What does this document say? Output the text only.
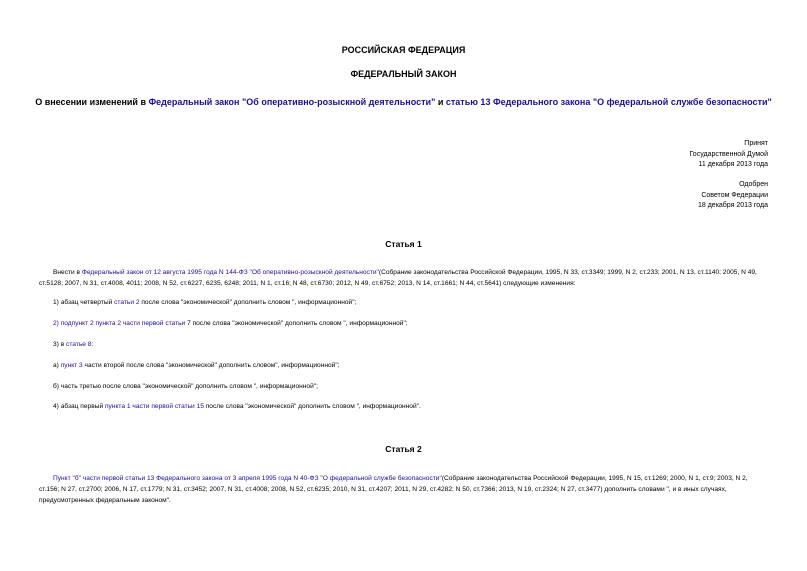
РОССИЙСКАЯ ФЕДЕРАЦИЯ
ФЕДЕРАЛЬНЫЙ ЗАКОН
О внесении изменений в Федеральный закон "Об оперативно-розыскной деятельности" и статью 13 Федерального закона "О федеральной службе безопасности"
Принят
Государственной Думой
11 декабря 2013 года
Одобрен
Советом Федерации
18 декабря 2013 года
Статья 1
Внести в Федеральный закон от 12 августа 1995 года N 144-ФЗ "Об оперативно-розыскной деятельности"(Собрание законодательства Российской Федерации, 1995, N 33, ст.3349; 1999, N 2, ст.233; 2001, N 13, ст.1140; 2005, N 49, ст.5128; 2007, N 31, ст.4008, 4011; 2008, N 52, ст.6227, 6235, 6248; 2011, N 1, ст.16; N 48, ст.6730; 2012, N 49, ст.6752; 2013, N 14, ст.1661; N 44, ст.5641) следующие изменения:
1) абзац четвертый статьи 2 после слова "экономической" дополнить словом ", информационной";
2) подпункт 2 пункта 2 части первой статьи 7 после слова "экономической" дополнить словом ", информационной";
3) в статье 8:
а) пункт 3 части второй после слова "экономической" дополнить словом", информационной";
б) часть третью после слова "экономической" дополнить словом ", информационной";
4) абзац первый пункта 1 части первой статьи 15 после слова "экономической" дополнить словом ", информационной".
Статья 2
Пункт "б" части первой статьи 13 Федерального закона от 3 апреля 1995 года N 40-ФЗ "О федеральной службе безопасности"(Собрание законодательства Российской Федерации, 1995, N 15, ст.1269; 2000, N 1, ст.9; 2003, N 2, ст.156; N 27, ст.2700; 2006, N 17, ст.1779; N 31, ст.3452; 2007, N 31, ст.4008; 2008, N 52, ст.6235; 2010, N 31, ст.4207; 2011, N 29, ст.4282; N 50, ст.7366; 2013, N 19, ст.2324; N 27, ст.3477) дополнить словами ", и в иных случаях, предусмотренных федеральным законом".
